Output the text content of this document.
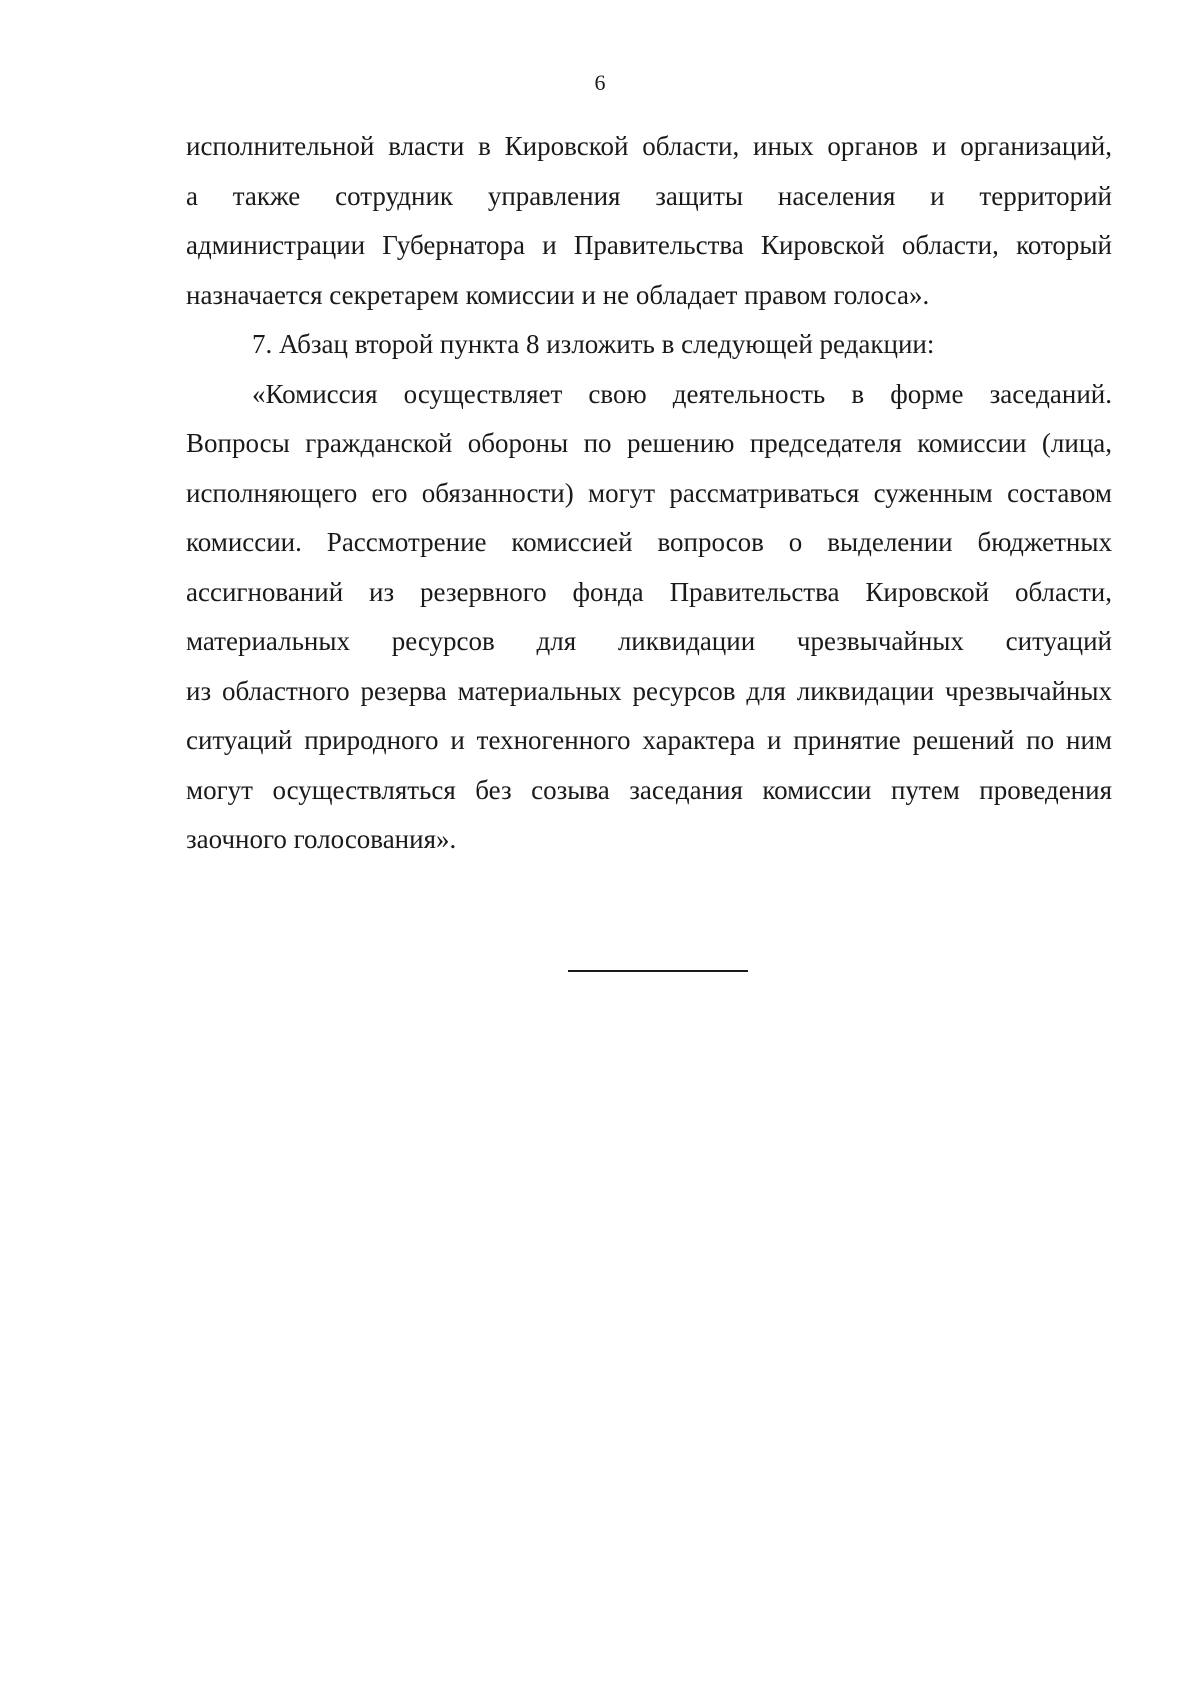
6
исполнительной власти в Кировской области, иных органов и организаций,
а также сотрудник управления защиты населения и территорий
администрации Губернатора и Правительства Кировской области, который
назначается секретарем комиссии и не обладает правом голоса».
7. Абзац второй пункта 8 изложить в следующей редакции:
«Комиссия осуществляет свою деятельность в форме заседаний.
Вопросы гражданской обороны по решению председателя комиссии (лица,
исполняющего его обязанности) могут рассматриваться суженным составом
комиссии. Рассмотрение комиссией вопросов о выделении бюджетных
ассигнований из резервного фонда Правительства Кировской области,
материальных ресурсов для ликвидации чрезвычайных ситуаций
из областного резерва материальных ресурсов для ликвидации чрезвычайных
ситуаций природного и техногенного характера и принятие решений по ним
могут осуществляться без созыва заседания комиссии путем проведения
заочного голосования».
